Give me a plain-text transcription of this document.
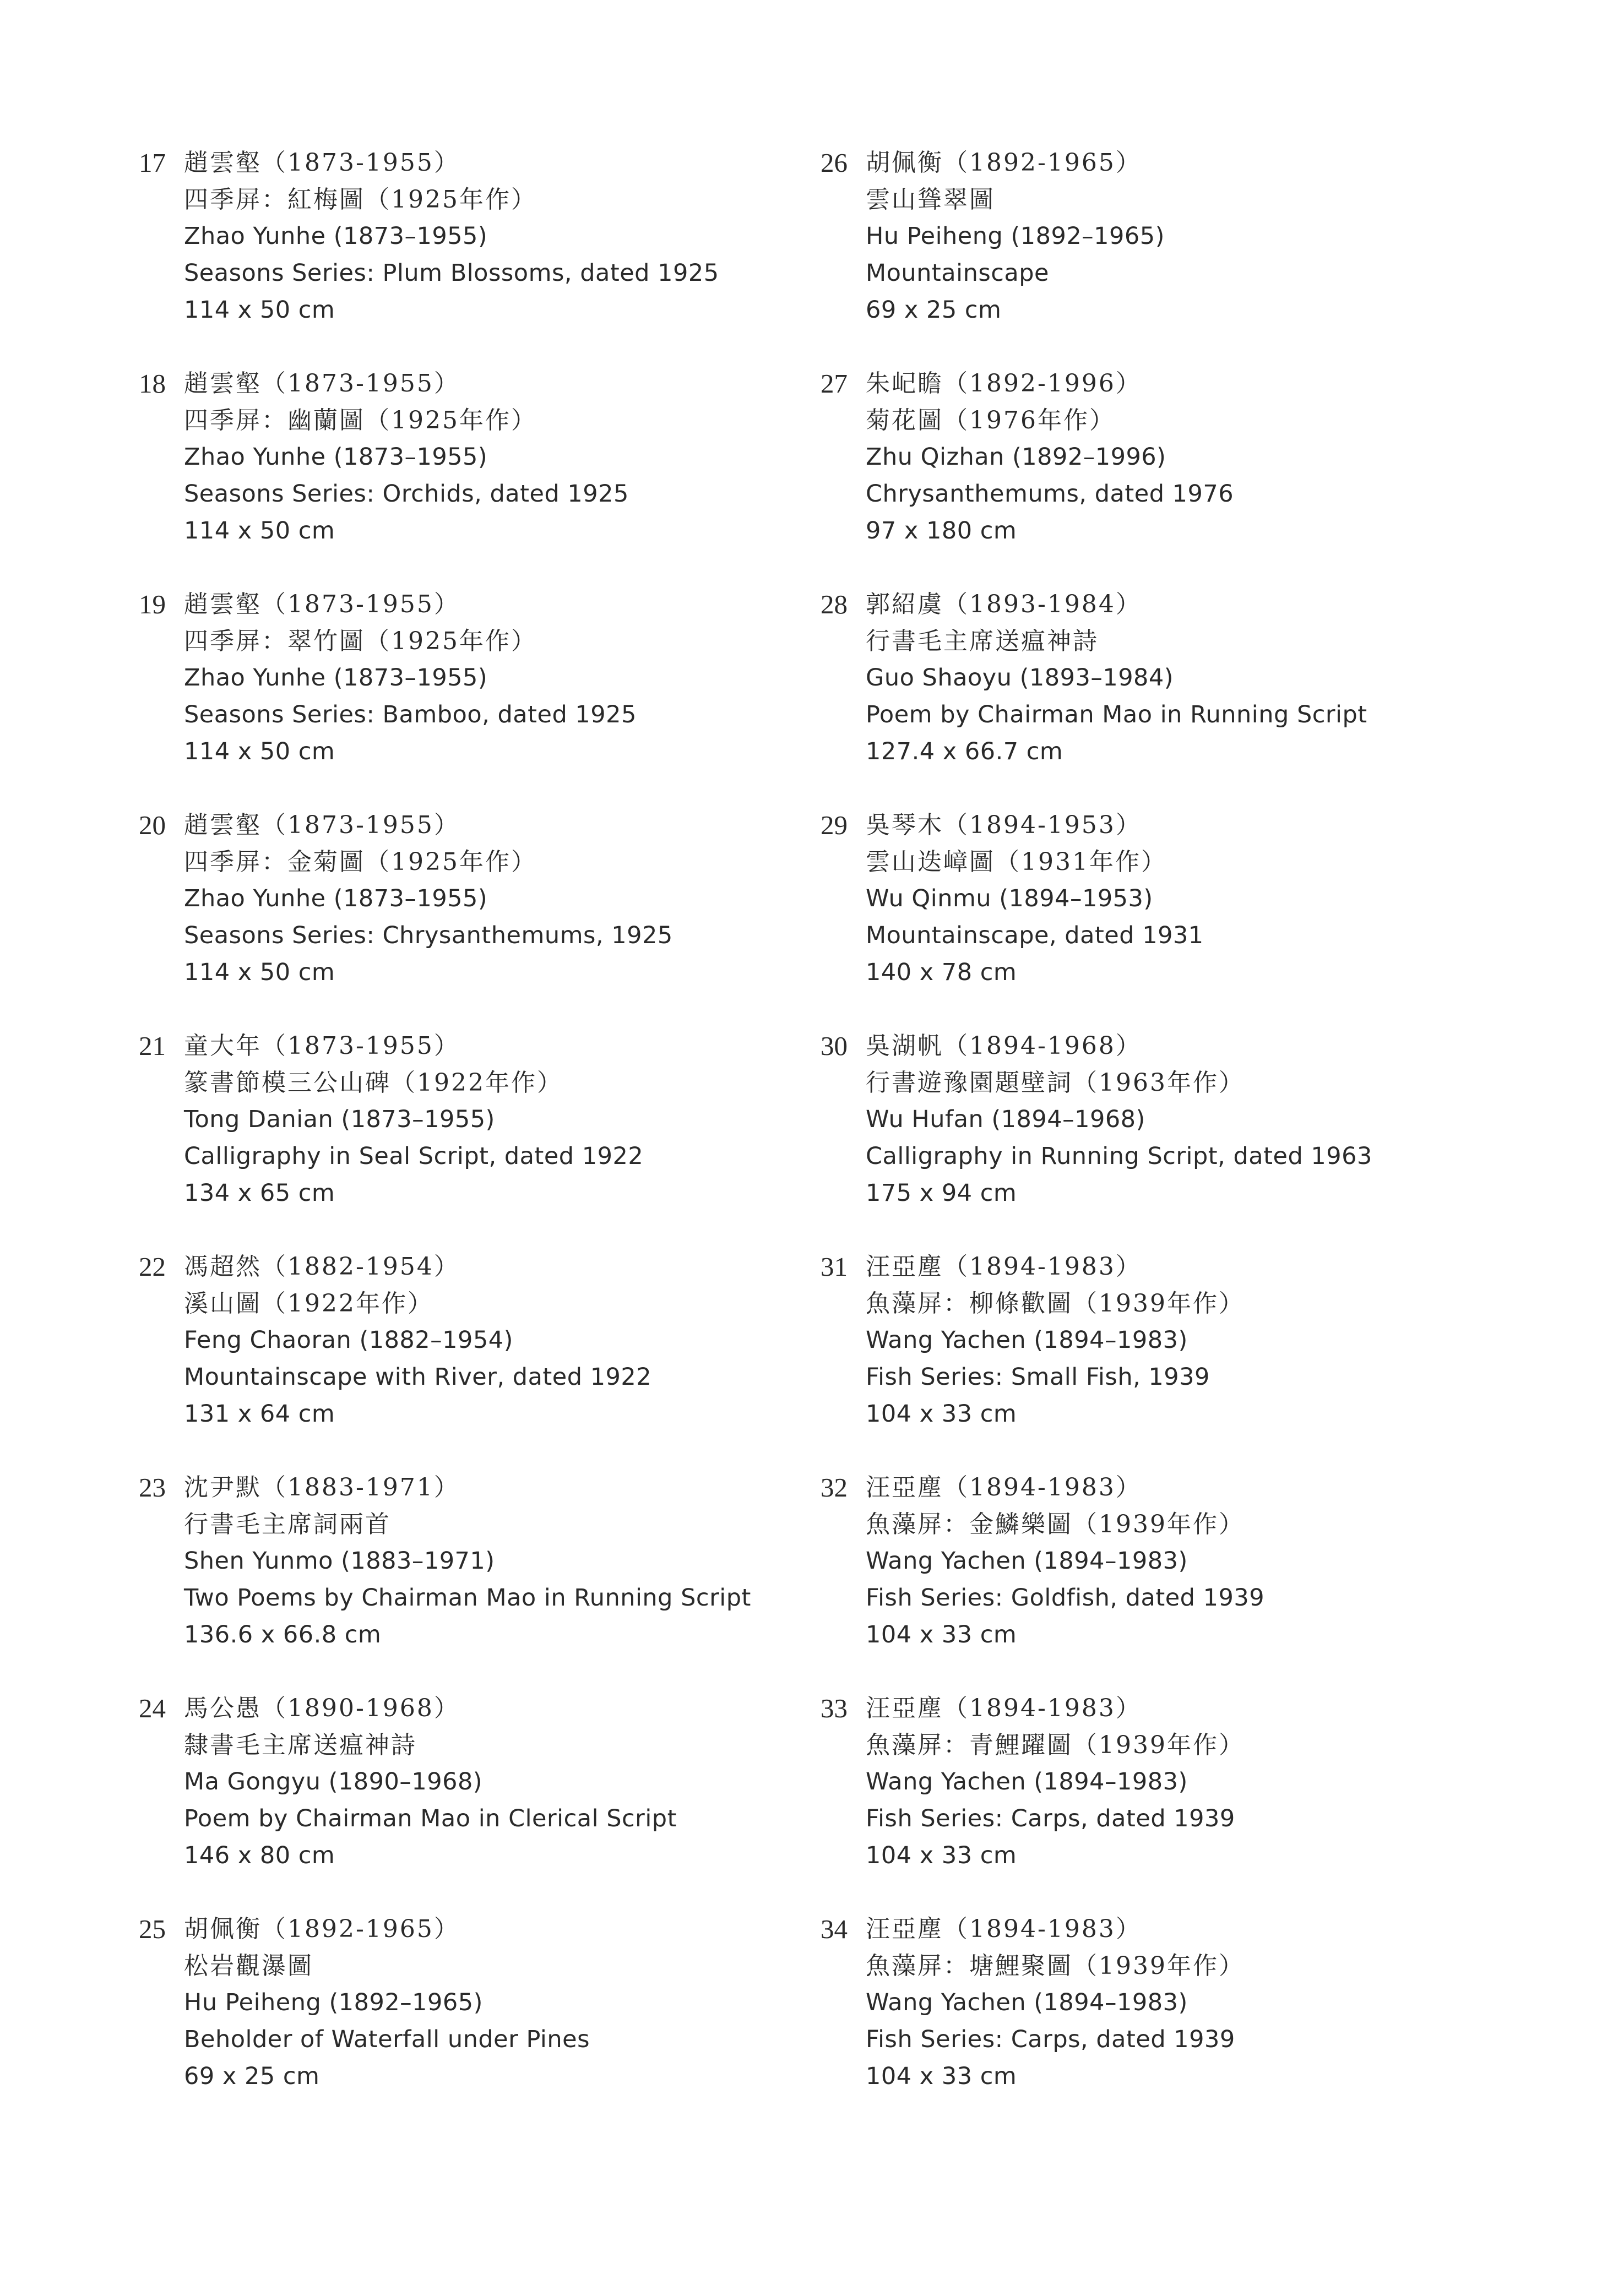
17 趙雲壑（1873-1955）
四季屏：紅梅圖（1925年作）
Zhao Yunhe (1873–1955)
Seasons Series: Plum Blossoms, dated 1925
114 x 50 cm
18 趙雲壑（1873-1955）
四季屏：幽蘭圖（1925年作）
Zhao Yunhe (1873–1955)
Seasons Series: Orchids, dated 1925
114 x 50 cm
19 趙雲壑（1873-1955）
四季屏：翠竹圖（1925年作）
Zhao Yunhe (1873–1955)
Seasons Series: Bamboo, dated 1925
114 x 50 cm
20 趙雲壑（1873-1955）
四季屏：金菊圖（1925年作）
Zhao Yunhe (1873–1955)
Seasons Series: Chrysanthemums, 1925
114 x 50 cm
21 童大年（1873-1955）
篆書節模三公山碑（1922年作）
Tong Danian (1873–1955)
Calligraphy in Seal Script, dated 1922
134 x 65 cm
22 馮超然（1882-1954）
溪山圖（1922年作）
Feng Chaoran (1882–1954)
Mountainscape with River, dated 1922
131 x 64 cm
23 沈尹默（1883-1971）
行書毛主席詞兩首
Shen Yunmo (1883–1971)
Two Poems by Chairman Mao in Running Script
136.6 x 66.8 cm
24 馬公愚（1890-1968）
隸書毛主席送瘟神詩
Ma Gongyu (1890–1968)
Poem by Chairman Mao in Clerical Script
146 x 80 cm
25 胡佩衡（1892-1965）
松岩觀瀑圖
Hu Peiheng (1892–1965)
Beholder of Waterfall under Pines
69 x 25 cm
26 胡佩衡（1892-1965）
雲山聳翠圖
Hu Peiheng (1892–1965)
Mountainscape
69 x 25 cm
27 朱屺瞻（1892-1996）
菊花圖（1976年作）
Zhu Qizhan (1892–1996)
Chrysanthemums, dated 1976
97 x 180 cm
28 郭紹虞（1893-1984）
行書毛主席送瘟神詩
Guo Shaoyu (1893–1984)
Poem by Chairman Mao in Running Script
127.4 x 66.7 cm
29 吳琴木（1894-1953）
雲山迭嶂圖（1931年作）
Wu Qinmu (1894–1953)
Mountainscape, dated 1931
140 x 78 cm
30 吳湖帆（1894-1968）
行書遊豫園題壁詞（1963年作）
Wu Hufan (1894–1968)
Calligraphy in Running Script, dated 1963
175 x 94 cm
31 汪亞塵（1894-1983）
魚藻屏：柳條歡圖（1939年作）
Wang Yachen (1894–1983)
Fish Series: Small Fish, 1939
104 x 33 cm
32 汪亞塵（1894-1983）
魚藻屏：金鱗樂圖（1939年作）
Wang Yachen (1894–1983)
Fish Series: Goldfish, dated 1939
104 x 33 cm
33 汪亞塵（1894-1983）
魚藻屏：青鯉躍圖（1939年作）
Wang Yachen (1894–1983)
Fish Series: Carps, dated 1939
104 x 33 cm
34 汪亞塵（1894-1983）
魚藻屏：塘鯉聚圖（1939年作）
Wang Yachen (1894–1983)
Fish Series: Carps, dated 1939
104 x 33 cm
